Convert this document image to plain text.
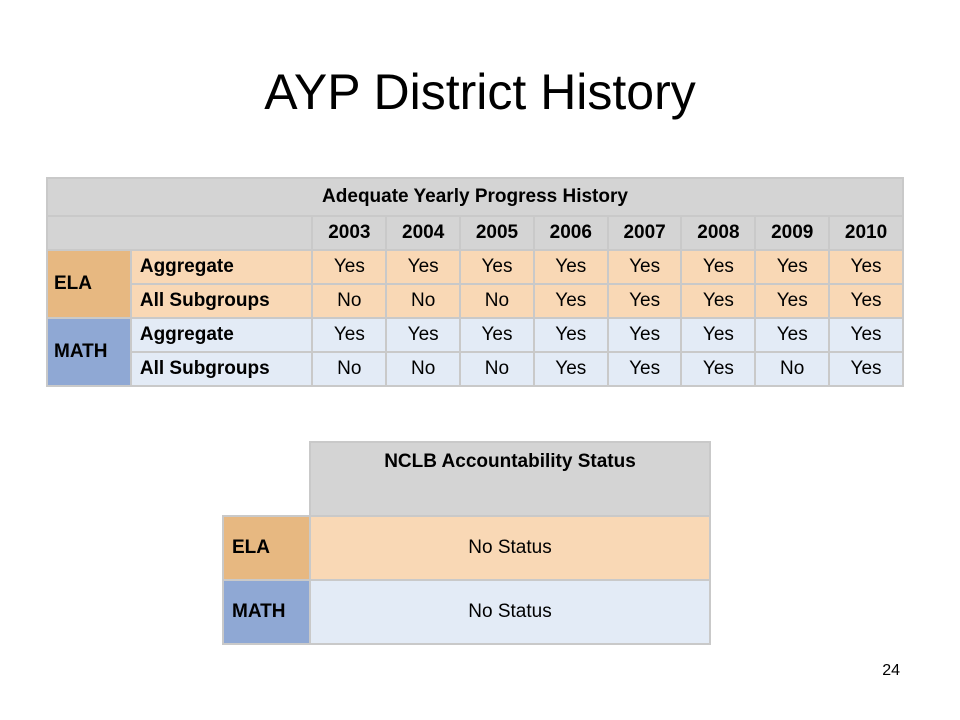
AYP District History
Adequate Yearly Progress History									
		2003	2004	2005	2006	2007	2008	2009	2010
ELA	Aggregate	Yes	Yes	Yes	Yes	Yes	Yes	Yes	Yes
	All Subgroups	No	No	No	Yes	Yes	Yes	Yes	Yes
MATH	Aggregate	Yes	Yes	Yes	Yes	Yes	Yes	Yes	Yes
	All Subgroups	No	No	No	Yes	Yes	Yes	No	Yes
	NCLB Accountability Status
ELA	No Status
MATH	No Status
24
